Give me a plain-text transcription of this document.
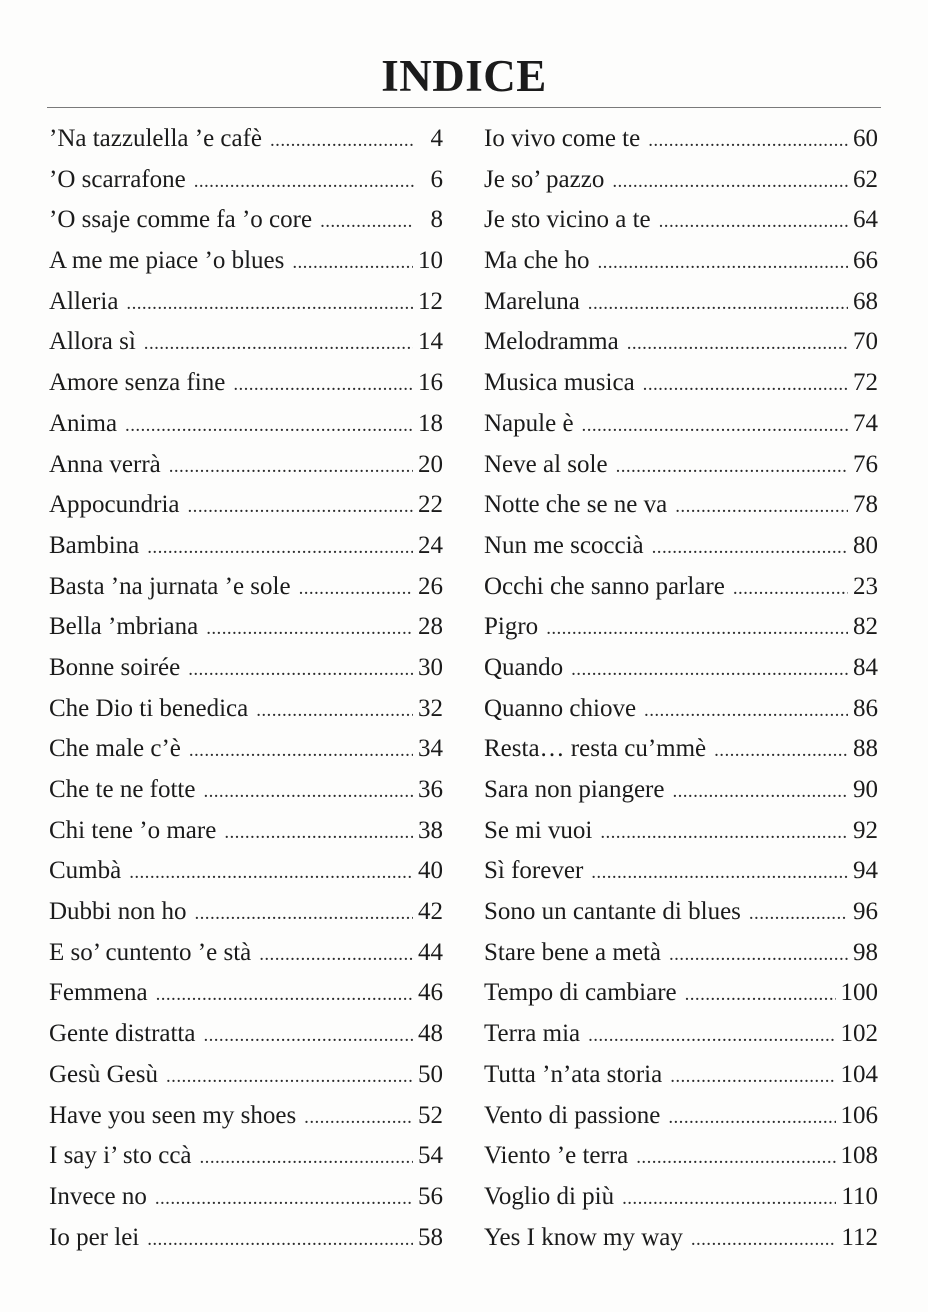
INDICE
’Na tazzulella ’e cafè .....	4
’O scarrafone .....	6
’O ssaje comme fa ’o core .....	8
A me me piace ’o blues .....	10
Alleria .....	12
Allora sì .....	14
Amore senza fine .....	16
Anima .....	18
Anna verrà .....	20
Appocundria .....	22
Bambina .....	24
Basta ’na jurnata ’e sole .....	26
Bella ’mbriana .....	28
Bonne soirée .....	30
Che Dio ti benedica .....	32
Che male c’è .....	34
Che te ne fotte .....	36
Chi tene ’o mare .....	38
Cumbà .....	40
Dubbi non ho .....	42
E so’ cuntento ’e stà .....	44
Femmena .....	46
Gente distratta .....	48
Gesù Gesù .....	50
Have you seen my shoes .....	52
I say i’ sto ccà .....	54
Invece no .....	56
Io per lei .....	58
Io vivo come te .....	60
Je so’ pazzo .....	62
Je sto vicino a te .....	64
Ma che ho .....	66
Mareluna .....	68
Melodramma .....	70
Musica musica .....	72
Napule è .....	74
Neve al sole .....	76
Notte che se ne va .....	78
Nun me scoccià .....	80
Occhi che sanno parlare .....	23
Pigro .....	82
Quando .....	84
Quanno chiove .....	86
Resta… resta cu’mmè .....	88
Sara non piangere .....	90
Se mi vuoi .....	92
Sì forever .....	94
Sono un cantante di blues .....	96
Stare bene a metà .....	98
Tempo di cambiare .....	100
Terra mia .....	102
Tutta ’n’ata storia .....	104
Vento di passione .....	106
Viento ’e terra .....	108
Voglio di più .....	110
Yes I know my way .....	112
